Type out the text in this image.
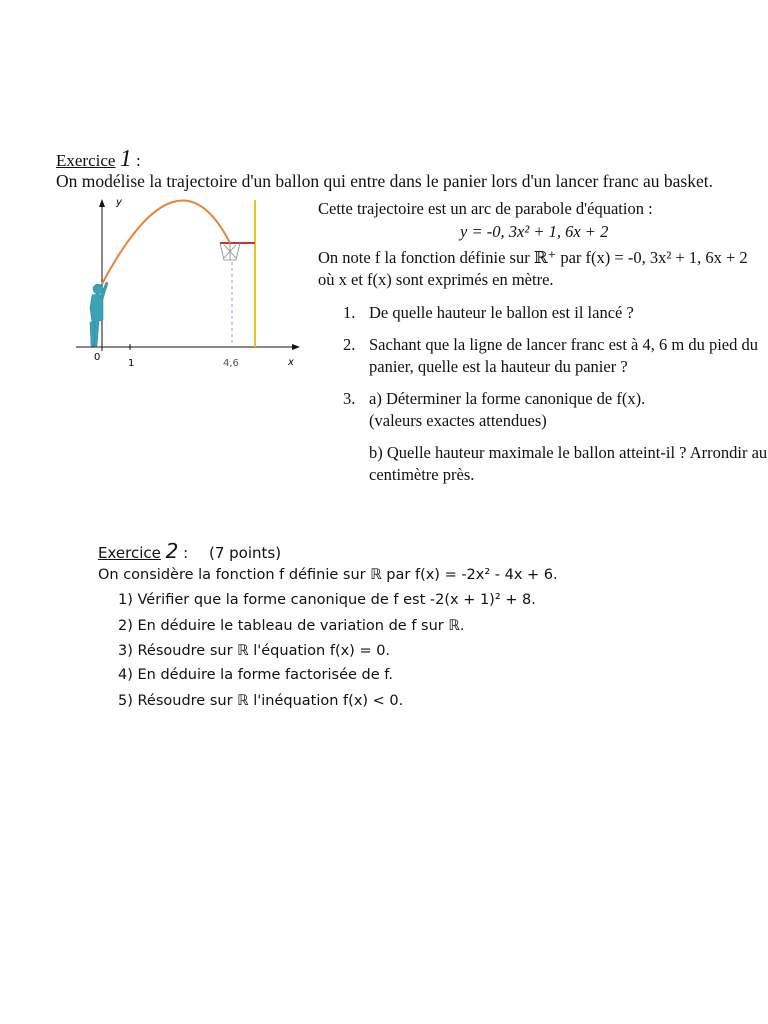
Exercice 1 :
On modélise la trajectoire d'un ballon qui entre dans le panier lors d'un lancer franc au basket.
y
x
0
1	4,6
Cette trajectoire est un arc de parabole d'équation :
y = -0, 3x² + 1, 6x + 2
On note f la fonction définie sur ℝ⁺ par f(x) = -0, 3x² + 1, 6x + 2
où x et f(x) sont exprimés en mètre.
1. De quelle hauteur le ballon est il lancé ?
2. Sachant que la ligne de lancer franc est à 4, 6 m du pied du
panier, quelle est la hauteur du panier ?
3. a) Déterminer la forme canonique de f(x).
(valeurs exactes attendues)
b) Quelle hauteur maximale le ballon atteint-il ? Arrondir au
centimètre près.
Exercice 2 : (7 points)
On considère la fonction f définie sur ℝ par f(x) = -2x² - 4x + 6.
1) Vérifier que la forme canonique de f est -2(x + 1)² + 8.
2) En déduire le tableau de variation de f sur ℝ.
3) Résoudre sur ℝ l'équation f(x) = 0.
4) En déduire la forme factorisée de f.
5) Résoudre sur ℝ l'inéquation f(x) < 0.
